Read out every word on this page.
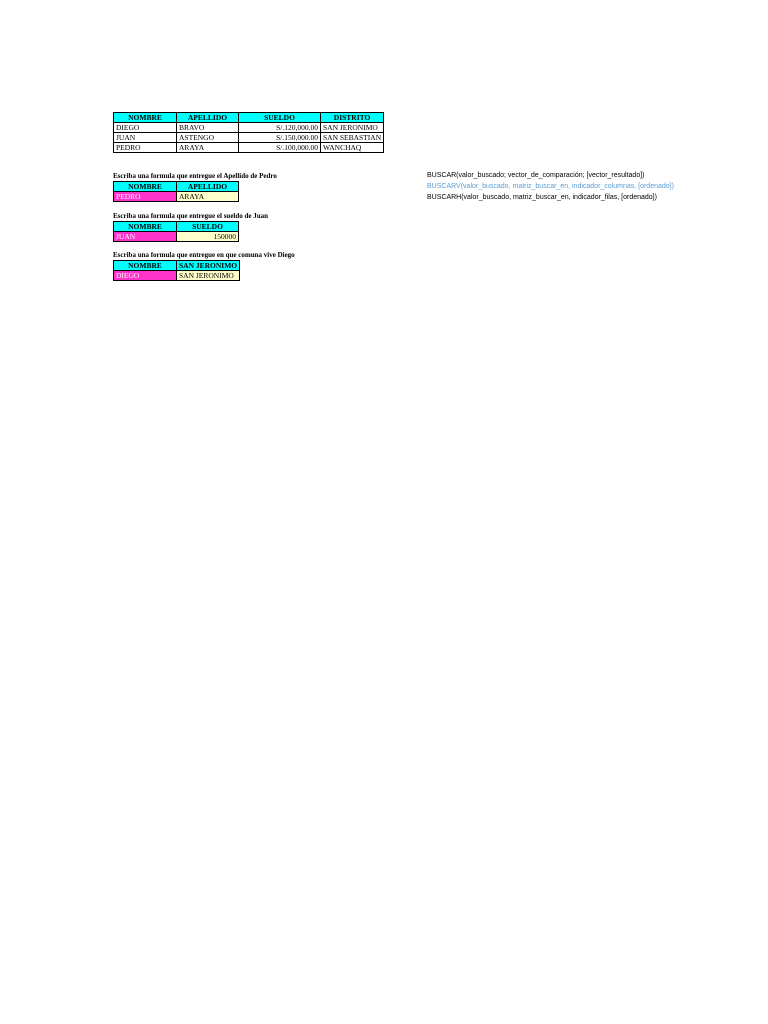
NOMBRE	APELLIDO	SUELDO	DISTRITO
DIEGO	BRAVO	S/.120,000.00	SAN JERONIMO
JUAN	ASTENGO	S/.150,000.00	SAN SEBASTIAN
PEDRO	ARAYA	S/.100,000.00	WANCHAQ
Escriba una formula que entregue el Apellido de Pedro
NOMBRE	APELLIDO
PEDRO	ARAYA
Escriba una formula que entregue el sueldo de Juan
NOMBRE	SUELDO
JUAN	150000
Escriba una formula que entregue en que comuna vive Diego
NOMBRE	SAN JERONIMO
DIEGO	SAN JERONIMO
BUSCAR(valor_buscado; vector_de_comparación; [vector_resultado])
BUSCARV(valor_buscado, matriz_buscar_en, indicador_columnas, [ordenado])
BUSCARH(valor_buscado, matriz_buscar_en, indicador_filas, [ordenado])
